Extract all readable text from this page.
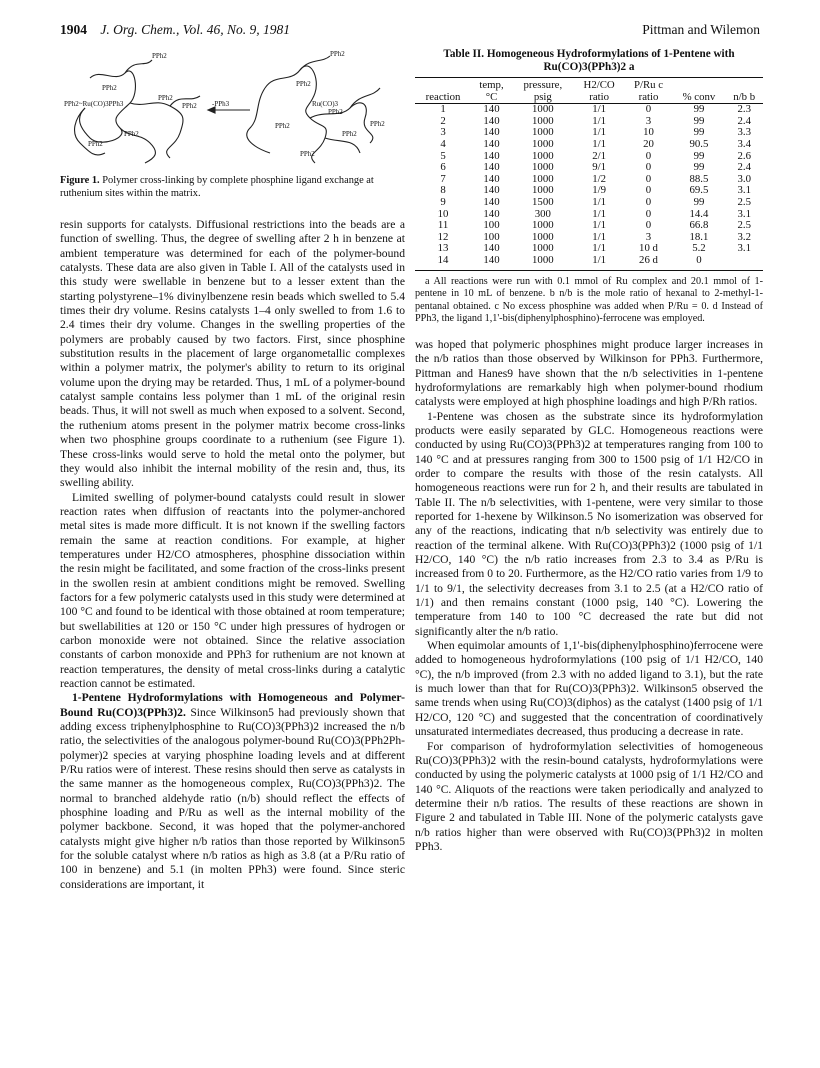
1904 J. Org. Chem., Vol. 46, No. 9, 1981	Pittman and Wilemon
PPh2
PPh2
PPh2~Ru(CO)3PPh3
PPh2
PPh2
PPh2
PPh2
PPh2
PPh2
Ru(CO)3
PPh2
PPh2
PPh2
PPh2
PPh2
-PPh3
Figure 1. Polymer cross-linking by complete phosphine ligand exchange at ruthenium sites within the matrix.

resin supports for catalysts. Diffusional restrictions into the beads are a function of swelling. Thus, the degree of swelling after 2 h in benzene at ambient temperature was determined for each of the polymer-bound catalysts. These data are also given in Table I. All of the catalysts used in this study were swellable in benzene but to a lesser extent than the starting polystyrene–1% divinylbenzene resin beads which swelled to 5.4 times their dry volume. Resins catalysts 1–4 only swelled to from 1.6 to 2.4 times their dry volume. Changes in the swelling properties of the polymers are probably caused by two factors. First, since phosphine substitution results in the placement of large organometallic complexes within a polymer matrix, the polymer's ability to return to its original volume upon the drying may be retarded. Thus, 1 mL of a polymer-bound catalyst sample contains less polymer than 1 mL of the original resin beads. Thus, it will not swell as much when exposed to a solvent. Second, the ruthenium atoms present in the polymer matrix become cross-links when two phosphine groups coordinate to a ruthenium (see Figure 1). These cross-links would serve to hold the metal onto the polymer, but they would also inhibit the internal mobility of the resin and, thus, its swelling ability.

Limited swelling of polymer-bound catalysts could result in slower reaction rates when diffusion of reactants into the polymer-anchored metal sites is made more difficult. It is not known if the swelling factors remain the same at reaction conditions. For example, at higher temperatures under H2/CO atmospheres, phosphine dissociation within the resin might be facilitated, and some fraction of the cross-links present in the swollen resin at ambient conditions might be removed. Swelling factors for a few polymeric catalysts used in this study were determined at 100 °C and found to be identical with those obtained at room temperature; but swellabilities at 120 or 150 °C under high pressures of hydrogen or carbon monoxide were not obtained. Since the relative association constants of carbon monoxide and PPh3 for ruthenium are not known at reaction temperatures, the density of metal cross-links during a catalytic reaction cannot be estimated.

1-Pentene Hydroformylations with Homogeneous and Polymer-Bound Ru(CO)3(PPh3)2. Since Wilkinson5 had previously shown that adding excess triphenylphosphine to Ru(CO)3(PPh3)2 increased the n/b ratio, the selectivities of the analogous polymer-bound Ru(CO)3(PPh2Ph-polymer)2 species at varying phosphine loading levels and at different P/Ru ratios were of interest. These resins should then serve as catalysts in the same manner as the homogeneous complex, Ru(CO)3(PPh3)2. The normal to branched aldehyde ratio (n/b) should reflect the effects of phosphine loading and P/Ru as well as the internal mobility of the polymer backbone. Second, it was hoped that the polymer-anchored catalysts might give higher n/b ratios than those reported by Wilkinson5 for the soluble catalyst where n/b ratios as high as 3.8 (at a P/Ru ratio of 100 in benzene) and 5.1 (in molten PPh3) were found. Since steric considerations are important, it

Table II. Homogeneous Hydroformylations of 1-Pentene with Ru(CO)3(PPh3)2 a
	temp,	pressure,	H2/CO	P/Ru c		
reaction	°C	psig	ratio	ratio	% conv	n/b b
1	140	1000	1/1	0	99	2.3
2	140	1000	1/1	3	99	2.4
3	140	1000	1/1	10	99	3.3
4	140	1000	1/1	20	90.5	3.4
5	140	1000	2/1	0	99	2.6
6	140	1000	9/1	0	99	2.4
7	140	1000	1/2	0	88.5	3.0
8	140	1000	1/9	0	69.5	3.1
9	140	1500	1/1	0	99	2.5
10	140	300	1/1	0	14.4	3.1
11	100	1000	1/1	0	66.8	2.5
12	100	1000	1/1	3	18.1	3.2
13	140	1000	1/1	10 d	5.2	3.1
14	140	1000	1/1	26 d	0	

a All reactions were run with 0.1 mmol of Ru complex and 20.1 mmol of 1-pentene in 10 mL of benzene. b n/b is the mole ratio of hexanal to 2-methyl-1-pentanal obtained. c No excess phosphine was added when P/Ru = 0. d Instead of PPh3, the ligand 1,1'-bis(diphenylphosphino)-ferrocene was employed.

was hoped that polymeric phosphines might produce larger increases in the n/b ratios than those observed by Wilkinson for PPh3. Furthermore, Pittman and Hanes9 have shown that the n/b selectivities in 1-pentene hydroformylations are remarkably high when polymer-bound rhodium catalysts were employed at high phosphine loadings and high P/Rh ratios.

1-Pentene was chosen as the substrate since its hydroformylation products were easily separated by GLC. Homogeneous reactions were conducted by using Ru(CO)3(PPh3)2 at temperatures ranging from 100 to 140 °C and at pressures ranging from 300 to 1500 psig of 1/1 H2/CO in order to compare the results with those of the resin catalysts. All homogeneous reactions were run for 2 h, and their results are tabulated in Table II. The n/b selectivities, with 1-pentene, were very similar to those reported for 1-hexene by Wilkinson.5 No isomerization was observed for any of the reactions, indicating that n/b selectivity was entirely due to reaction of the terminal alkene. With Ru(CO)3(PPh3)2 (1000 psig of 1/1 H2/CO, 140 °C) the n/b ratio increases from 2.3 to 3.4 as P/Ru is increased from 0 to 20. Furthermore, as the H2/CO ratio varies from 1/9 to 1/1 to 9/1, the selectivity decreases from 3.1 to 2.5 (at a H2/CO ratio of 1/1) and then remains constant (1000 psig, 140 °C). Lowering the temperature from 140 to 100 °C decreased the rate but did not significantly alter the n/b ratio.

When equimolar amounts of 1,1'-bis(diphenylphosphino)ferrocene were added to homogeneous hydroformylations (100 psig of 1/1 H2/CO, 140 °C), the n/b improved (from 2.3 with no added ligand to 3.1), but the rate is much lower than that for Ru(CO)3(PPh3)2. Wilkinson5 observed the same trends when using Ru(CO)3(diphos) as the catalyst (1400 psig of 1/1 H2/CO, 120 °C) and suggested that the concentration of coordinatively unsaturated intermediates decreased, thus producing a decrease in rate.

For comparison of hydroformylation selectivities of homogeneous Ru(CO)3(PPh3)2 with the resin-bound catalysts, hydroformylations were conducted by using the polymeric catalysts at 1000 psig of 1/1 H2/CO and 140 °C. Aliquots of the reactions were taken periodically and analyzed to determine their n/b ratios. The results of these reactions are shown in Figure 2 and tabulated in Table III. None of the polymeric catalysts gave n/b ratios higher than were observed with Ru(CO)3(PPh3)2 in molten PPh3.
